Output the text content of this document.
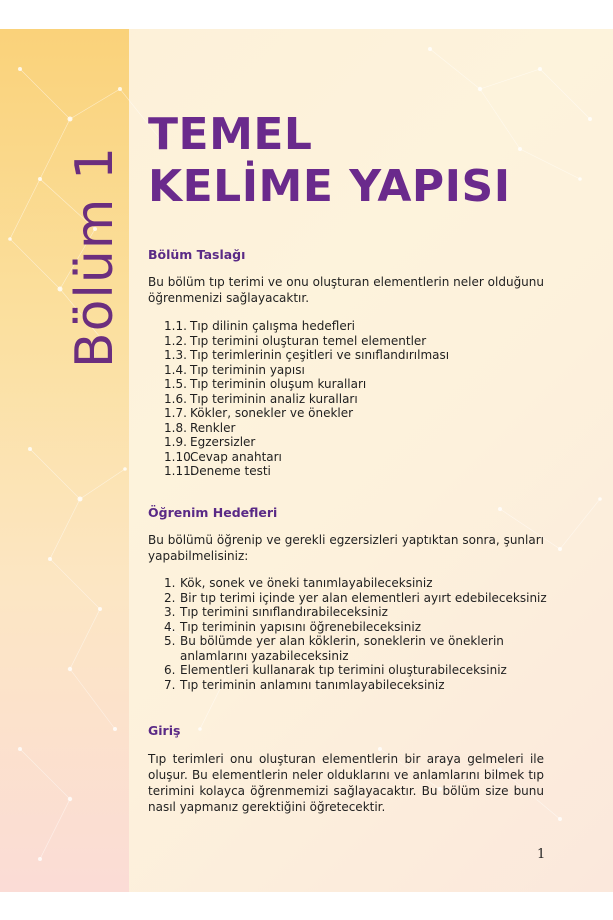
Bölüm 1
TEMEL
KELİME YAPISI
Bölüm Taslağı

Bu bölüm tıp terimi ve onu oluşturan elementlerin neler olduğunu öğrenmenizi sağlayacaktır.

1.1. Tıp dilinin çalışma hedefleri
1.2. Tıp terimini oluşturan temel elementler
1.3. Tıp terimlerinin çeşitleri ve sınıflandırılması
1.4. Tıp teriminin yapısı
1.5. Tıp teriminin oluşum kuralları
1.6. Tıp teriminin analiz kuralları
1.7. Kökler, sonekler ve önekler
1.8. Renkler
1.9. Egzersizler
1.10.Cevap anahtarı
1.11.Deneme testi
Öğrenim Hedefleri

Bu bölümü öğrenip ve gerekli egzersizleri yaptıktan sonra, şunları yapabilmelisiniz:

1. Kök, sonek ve öneki tanımlayabileceksiniz
2. Bir tıp terimi içinde yer alan elementleri ayırt edebileceksiniz
3. Tıp terimini sınıflandırabileceksiniz
4. Tıp teriminin yapısını öğrenebileceksiniz
5. Bu bölümde yer alan köklerin, soneklerin ve öneklerin anlamlarını yazabileceksiniz
6. Elementleri kullanarak tıp terimini oluşturabileceksiniz
7. Tıp teriminin anlamını tanımlayabileceksiniz
Giriş

Tıp terimleri onu oluşturan elementlerin bir araya gelmeleri ile oluşur. Bu elementlerin neler olduklarını ve anlamlarını bilmek tıp terimini kolayca öğrenmemizi sağlayacaktır. Bu bölüm size bunu nasıl yapmanız gerektiğini öğretecektir.

1
